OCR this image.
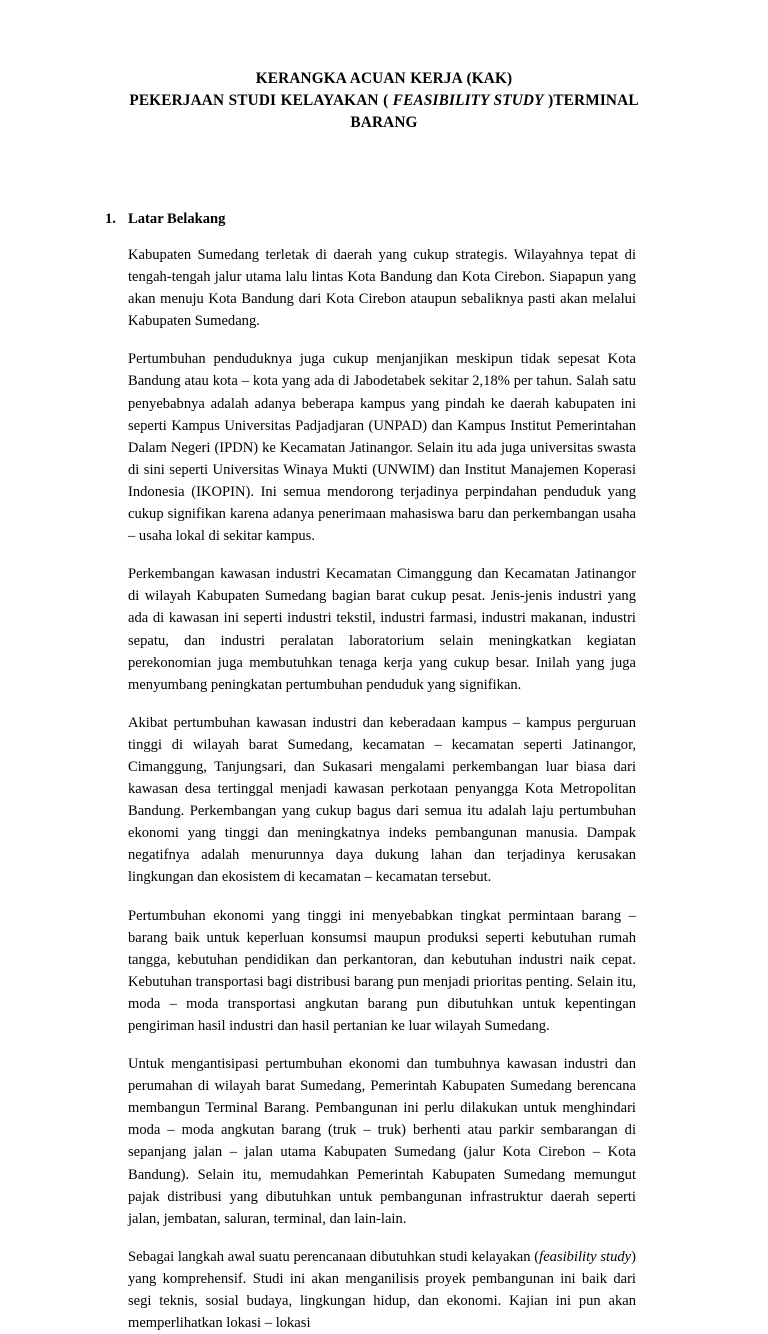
KERANGKA ACUAN KERJA (KAK)
PEKERJAAN STUDI KELAYAKAN ( FEASIBILITY STUDY )TERMINAL
BARANG
1. Latar Belakang

Kabupaten Sumedang terletak di daerah yang cukup strategis. Wilayahnya tepat di tengah-tengah jalur utama lalu lintas Kota Bandung dan Kota Cirebon. Siapapun yang akan menuju Kota Bandung dari Kota Cirebon ataupun sebaliknya pasti akan melalui Kabupaten Sumedang.

Pertumbuhan penduduknya juga cukup menjanjikan meskipun tidak sepesat Kota Bandung atau kota – kota yang ada di Jabodetabek sekitar 2,18% per tahun. Salah satu penyebabnya adalah adanya beberapa kampus yang pindah ke daerah kabupaten ini seperti Kampus Universitas Padjadjaran (UNPAD) dan Kampus Institut Pemerintahan Dalam Negeri (IPDN) ke Kecamatan Jatinangor. Selain itu ada juga universitas swasta di sini seperti Universitas Winaya Mukti (UNWIM) dan Institut Manajemen Koperasi Indonesia (IKOPIN). Ini semua mendorong terjadinya perpindahan penduduk yang cukup signifikan karena adanya penerimaan mahasiswa baru dan perkembangan usaha – usaha lokal di sekitar kampus.

Perkembangan kawasan industri Kecamatan Cimanggung dan Kecamatan Jatinangor di wilayah Kabupaten Sumedang bagian barat cukup pesat. Jenis-jenis industri yang ada di kawasan ini seperti industri tekstil, industri farmasi, industri makanan, industri sepatu, dan industri peralatan laboratorium selain meningkatkan kegiatan perekonomian juga membutuhkan tenaga kerja yang cukup besar. Inilah yang juga menyumbang peningkatan pertumbuhan penduduk yang signifikan.

Akibat pertumbuhan kawasan industri dan keberadaan kampus – kampus perguruan tinggi di wilayah barat Sumedang, kecamatan – kecamatan seperti Jatinangor, Cimanggung, Tanjungsari, dan Sukasari mengalami perkembangan luar biasa dari kawasan desa tertinggal menjadi kawasan perkotaan penyangga Kota Metropolitan Bandung. Perkembangan yang cukup bagus dari semua itu adalah laju pertumbuhan ekonomi yang tinggi dan meningkatnya indeks pembangunan manusia. Dampak negatifnya adalah menurunnya daya dukung lahan dan terjadinya kerusakan lingkungan dan ekosistem di kecamatan – kecamatan tersebut.

Pertumbuhan ekonomi yang tinggi ini menyebabkan tingkat permintaan barang – barang baik untuk keperluan konsumsi maupun produksi seperti kebutuhan rumah tangga, kebutuhan pendidikan dan perkantoran, dan kebutuhan industri naik cepat. Kebutuhan transportasi bagi distribusi barang pun menjadi prioritas penting. Selain itu, moda – moda transportasi angkutan barang pun dibutuhkan untuk kepentingan pengiriman hasil industri dan hasil pertanian ke luar wilayah Sumedang.

Untuk mengantisipasi pertumbuhan ekonomi dan tumbuhnya kawasan industri dan perumahan di wilayah barat Sumedang, Pemerintah Kabupaten Sumedang berencana membangun Terminal Barang. Pembangunan ini perlu dilakukan untuk menghindari moda – moda angkutan barang (truk – truk) berhenti atau parkir sembarangan di sepanjang jalan – jalan utama Kabupaten Sumedang (jalur Kota Cirebon – Kota Bandung). Selain itu, memudahkan Pemerintah Kabupaten Sumedang memungut pajak distribusi yang dibutuhkan untuk pembangunan infrastruktur daerah seperti jalan, jembatan, saluran, terminal, dan lain-lain.

Sebagai langkah awal suatu perencanaan dibutuhkan studi kelayakan (feasibility study) yang komprehensif. Studi ini akan menganilisis proyek pembangunan ini baik dari segi teknis, sosial budaya, lingkungan hidup, dan ekonomi. Kajian ini pun akan memperlihatkan lokasi – lokasi
